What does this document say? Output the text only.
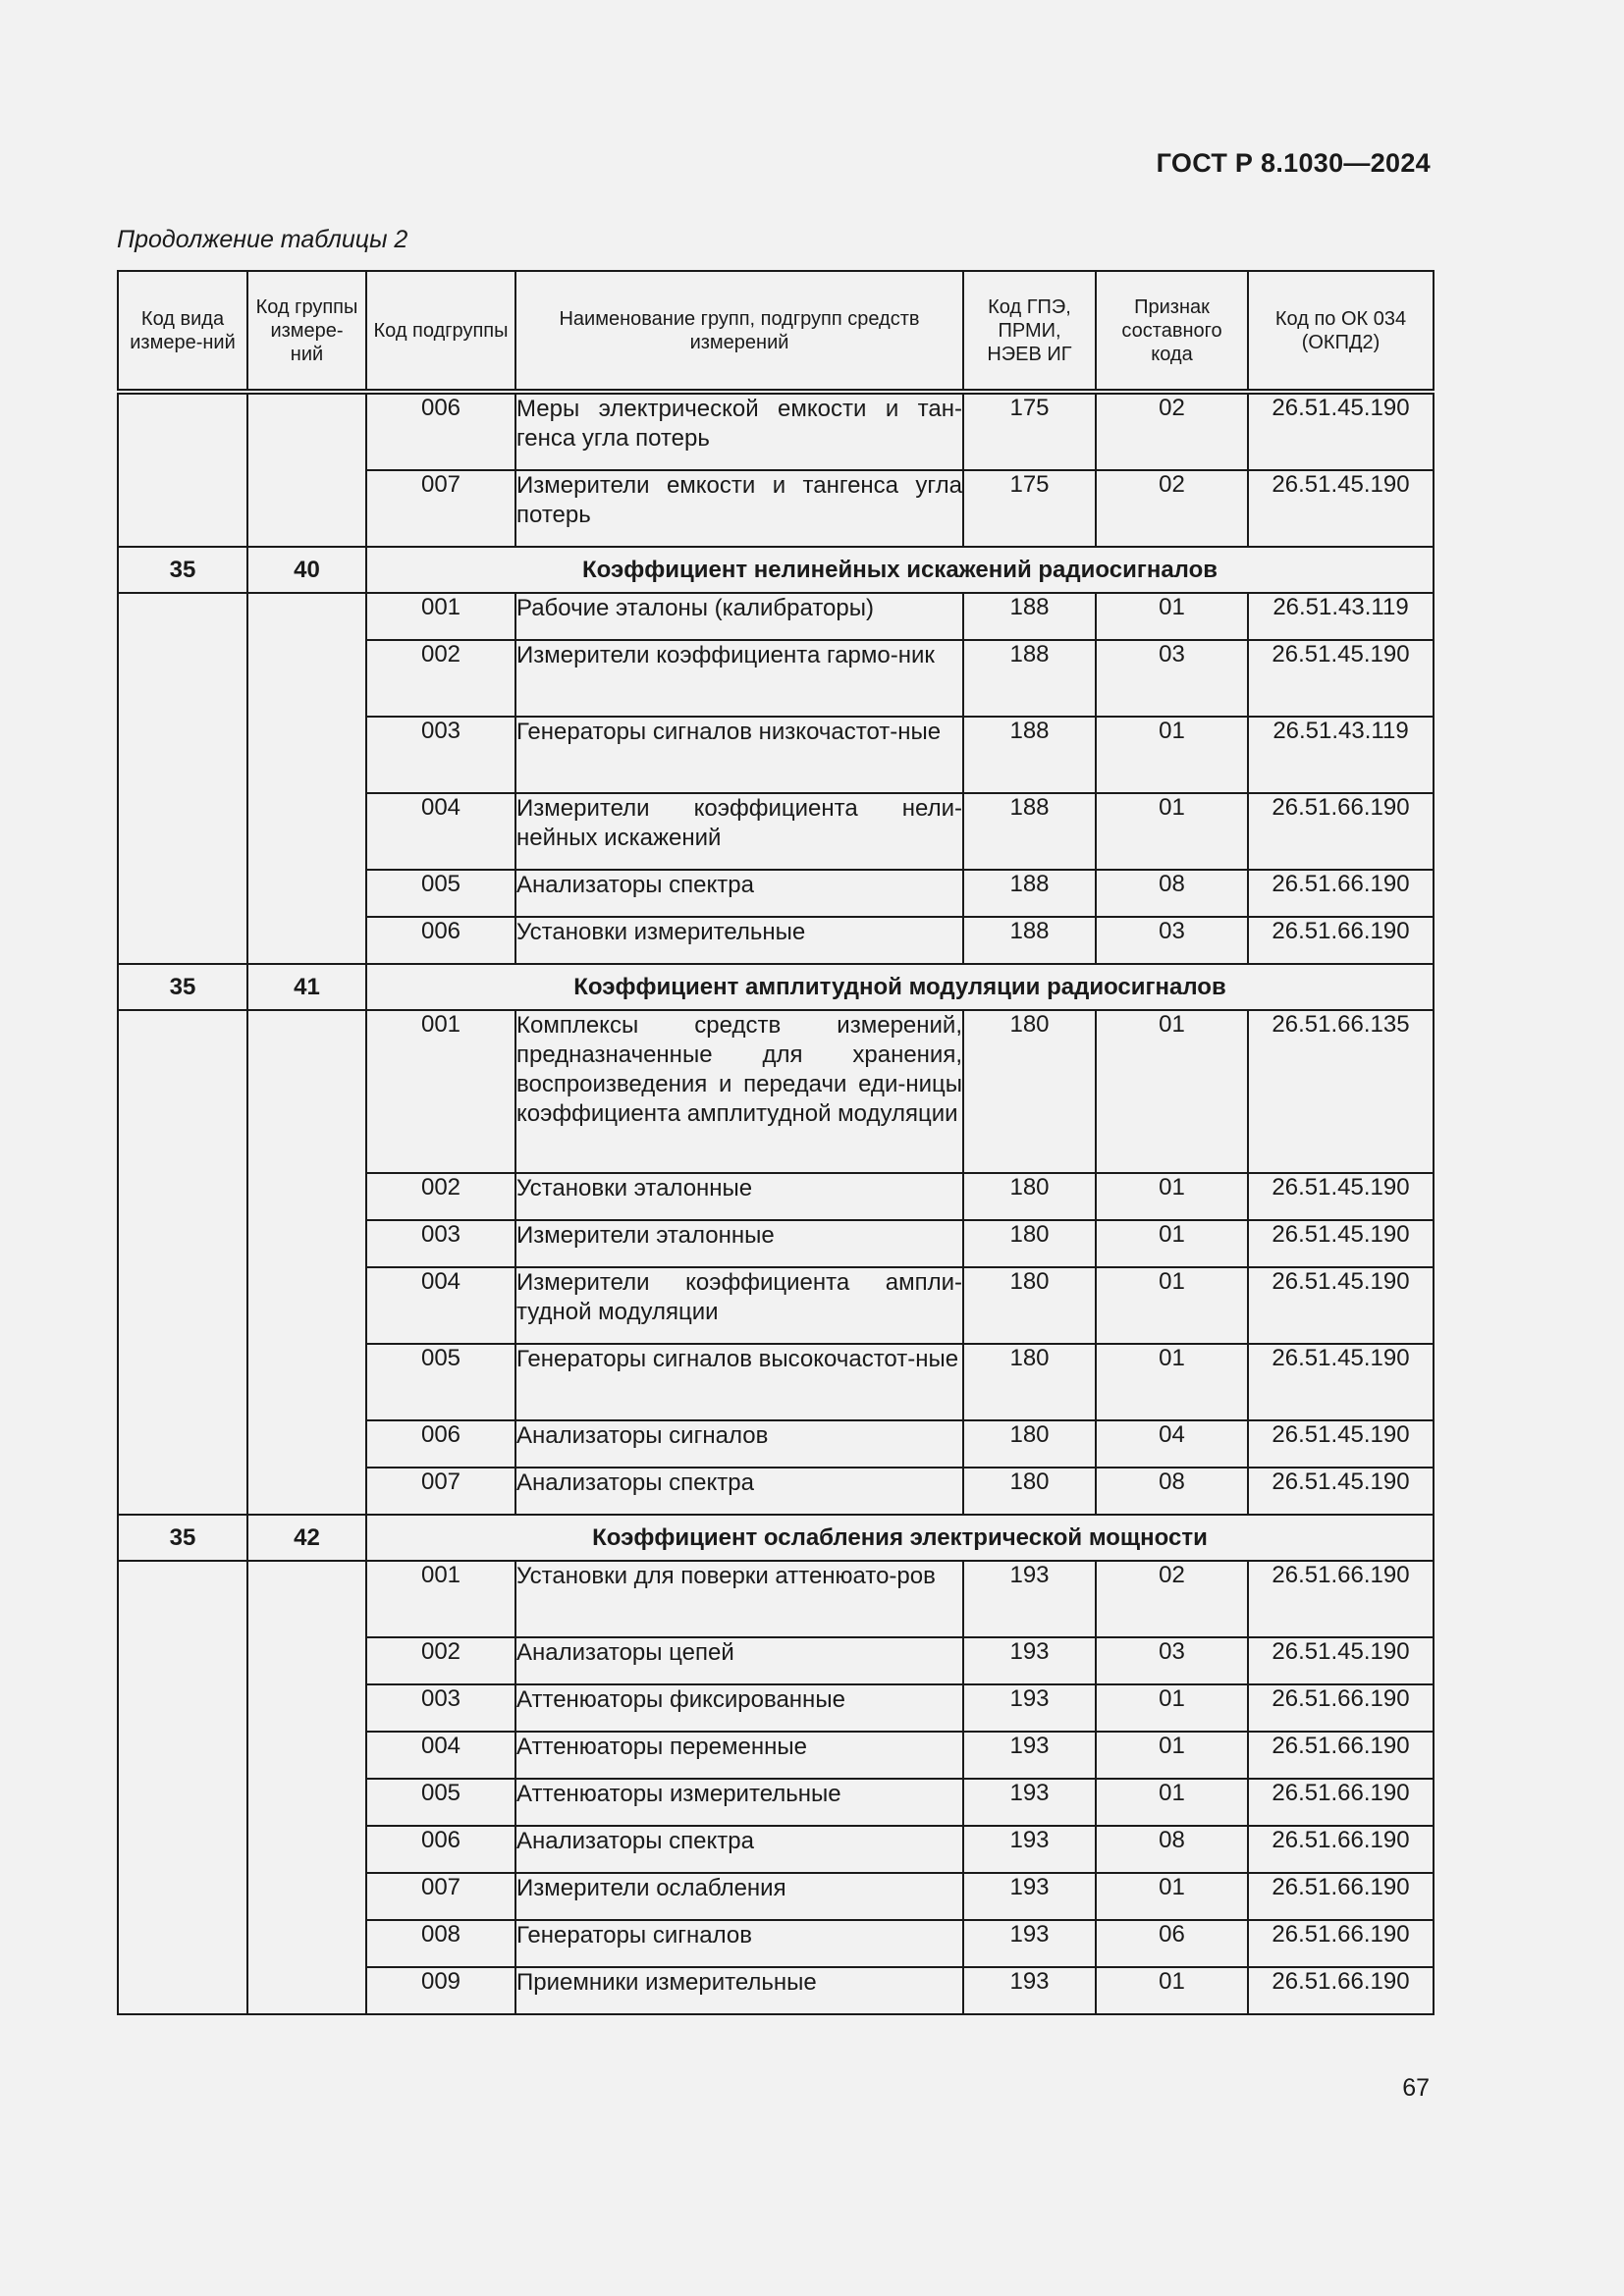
ГОСТ Р 8.1030—2024
Продолжение таблицы 2
Код вида измере-ний	Код группы измере-ний	Код подгруппы	Наименование групп, подгрупп средств измерений	Код ГПЭ, ПРМИ, НЭЕВ ИГ	Признак составного кода	Код по ОК 034 (ОКПД2)
		006	Меры электрической емкости и тан-генса угла потерь	175	02	26.51.45.190
		007	Измерители емкости и тангенса угла потерь	175	02	26.51.45.190
35	40	Коэффициент нелинейных искажений радиосигналов				
		001	Рабочие эталоны (калибраторы)	188	01	26.51.43.119
		002	Измерители коэффициента гармо-ник	188	03	26.51.45.190
		003	Генераторы сигналов низкочастот-ные	188	01	26.51.43.119
		004	Измерители коэффициента нели-нейных искажений	188	01	26.51.66.190
		005	Анализаторы спектра	188	08	26.51.66.190
		006	Установки измерительные	188	03	26.51.66.190
35	41	Коэффициент амплитудной модуляции радиосигналов				
		001	Комплексы средств измерений, предназначенные для хранения, воспроизведения и передачи еди-ницы коэффициента амплитудной модуляции	180	01	26.51.66.135
		002	Установки эталонные	180	01	26.51.45.190
		003	Измерители эталонные	180	01	26.51.45.190
		004	Измерители коэффициента ампли-тудной модуляции	180	01	26.51.45.190
		005	Генераторы сигналов высокочастот-ные	180	01	26.51.45.190
		006	Анализаторы сигналов	180	04	26.51.45.190
		007	Анализаторы спектра	180	08	26.51.45.190
35	42	Коэффициент ослабления электрической мощности				
		001	Установки для поверки аттенюато-ров	193	02	26.51.66.190
		002	Анализаторы цепей	193	03	26.51.45.190
		003	Аттенюаторы фиксированные	193	01	26.51.66.190
		004	Аттенюаторы переменные	193	01	26.51.66.190
		005	Аттенюаторы измерительные	193	01	26.51.66.190
		006	Анализаторы спектра	193	08	26.51.66.190
		007	Измерители ослабления	193	01	26.51.66.190
		008	Генераторы сигналов	193	06	26.51.66.190
		009	Приемники измерительные	193	01	26.51.66.190
67
